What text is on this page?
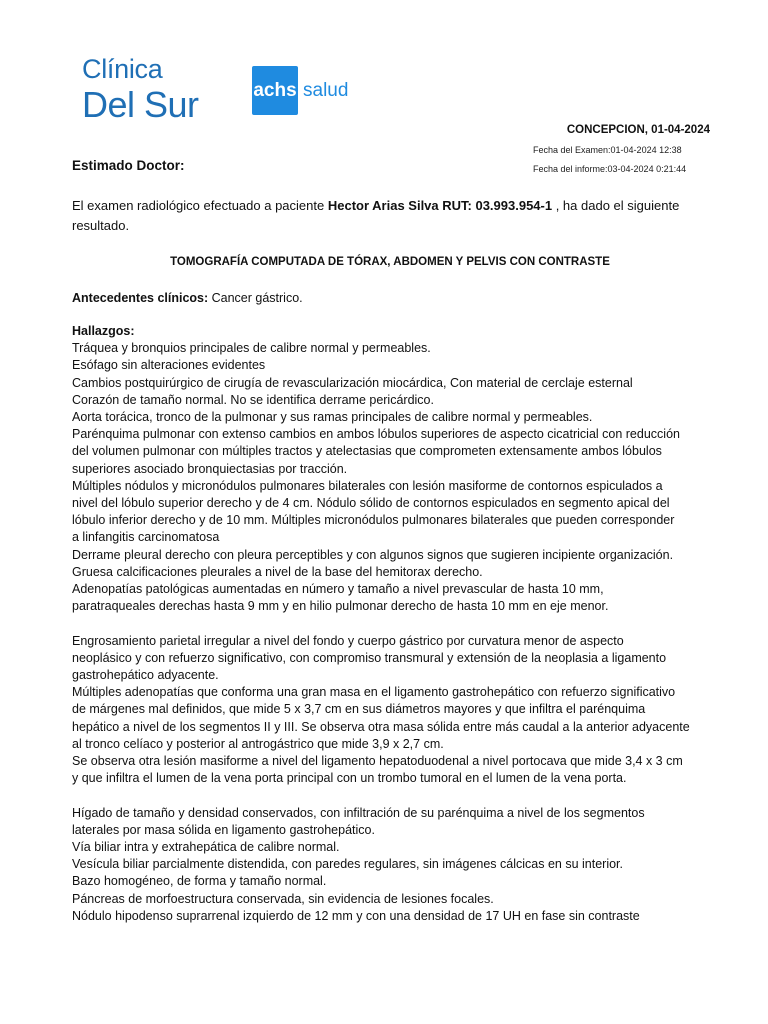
Clínica
Del Sur	achs salud
CONCEPCION, 01-04-2024
Fecha del Examen:01-04-2024 12:38
Fecha del informe:03-04-2024 0:21:44
Estimado Doctor:
El examen radiológico efectuado a paciente Hector Arias Silva RUT: 03.993.954-1 , ha dado el siguiente resultado.
TOMOGRAFÍA COMPUTADA DE TÓRAX, ABDOMEN Y PELVIS CON CONTRASTE
Antecedentes clínicos: Cancer gástrico.

Hallazgos:

Tráquea y bronquios principales de calibre normal y permeables.

Esófago sin alteraciones evidentes

Cambios postquirúrgico de cirugía de revascularización miocárdica, Con material de cerclaje esternal

Corazón de tamaño normal. No se identifica derrame pericárdico.

Aorta torácica, tronco de la pulmonar y sus ramas principales de calibre normal y permeables.

Parénquima pulmonar con extenso cambios en ambos lóbulos superiores de aspecto cicatricial con reducción

del volumen pulmonar con múltiples tractos y atelectasias que comprometen extensamente ambos lóbulos

superiores asociado bronquiectasias por tracción.

Múltiples nódulos y micronódulos pulmonares bilaterales con lesión masiforme de contornos espiculados a

nivel del lóbulo superior derecho y de 4 cm. Nódulo sólido de contornos espiculados en segmento apical del

lóbulo inferior derecho y de 10 mm. Múltiples micronódulos pulmonares bilaterales que pueden corresponder

a linfangitis carcinomatosa

Derrame pleural derecho con pleura perceptibles y con algunos signos que sugieren incipiente organización.

Gruesa calcificaciones pleurales a nivel de la base del hemitorax derecho.

Adenopatías patológicas aumentadas en número y tamaño a nivel prevascular de hasta 10 mm,

paratraqueales derechas hasta 9 mm y en hilio pulmonar derecho de hasta 10 mm en eje menor.

Engrosamiento parietal irregular a nivel del fondo y cuerpo gástrico por curvatura menor de aspecto

neoplásico y con refuerzo significativo, con compromiso transmural y extensión de la neoplasia a ligamento

gastrohepático adyacente.

Múltiples adenopatías que conforma una gran masa en el ligamento gastrohepático con refuerzo significativo

de márgenes mal definidos, que mide 5 x 3,7 cm en sus diámetros mayores y que infiltra el parénquima

hepático a nivel de los segmentos II y III. Se observa otra masa sólida entre más caudal a la anterior adyacente

al tronco celíaco y posterior al antrogástrico que mide 3,9 x 2,7 cm.

Se observa otra lesión masiforme a nivel del ligamento hepatoduodenal a nivel portocava que mide 3,4 x 3 cm

y que infiltra el lumen de la vena porta principal con un trombo tumoral en el lumen de la vena porta.

Hígado de tamaño y densidad conservados, con infiltración de su parénquima a nivel de los segmentos

laterales por masa sólida en ligamento gastrohepático.

Vía biliar intra y extrahepática de calibre normal.

Vesícula biliar parcialmente distendida, con paredes regulares, sin imágenes cálcicas en su interior.

Bazo homogéneo, de forma y tamaño normal.

Páncreas de morfoestructura conservada, sin evidencia de lesiones focales.

Nódulo hipodenso suprarrenal izquierdo de 12 mm y con una densidad de 17 UH en fase sin contraste
